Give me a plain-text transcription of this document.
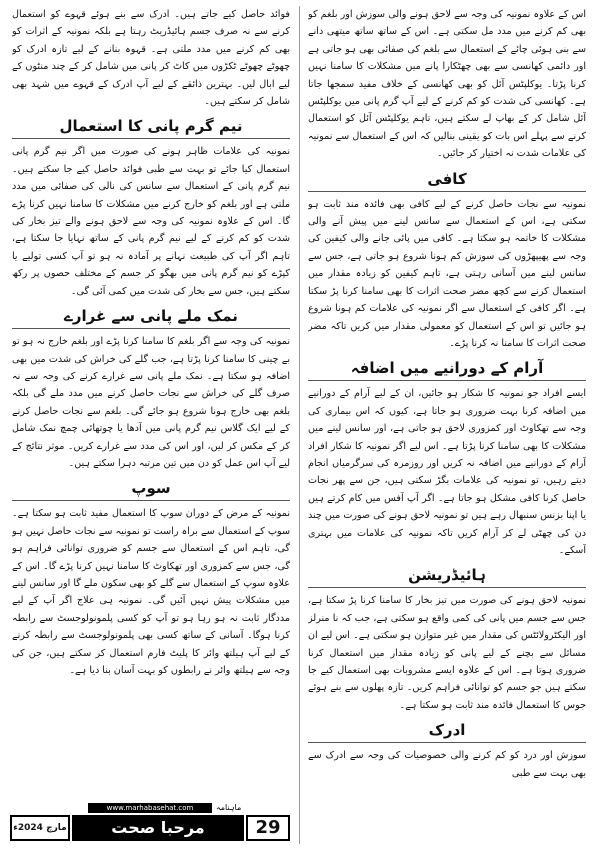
اس کے علاوہ نمونیہ کی وجہ سے لاحق ہونے والی سوزش اور بلغم کو بھی کم کرنے میں مدد مل سکتی ہے۔ اس کے ساتھ ساتھ میتھی دانے سے بنی ہوئی چائے کے استعمال سے بلغم کی صفائی بھی ہو جاتی ہے اور دائمی کھانسی سے بھی چھٹکارا پانے میں مشکلات کا سامنا نہیں کرنا پڑتا۔ یوکلپٹس آئل کو بھی کھانسی کے خلاف مفید سمجھا جاتا ہے۔ کھانسی کی شدت کو کم کرنے کے لیے آپ گرم پانی میں یوکلپٹس آئل شامل کر کے بھاپ لے سکتے ہیں، تاہم یوکلپٹس آئل کو استعمال کرنے سے پہلے اس بات کو یقینی بنالیں کہ اس کے استعمال سے نمونیہ کی علامات شدت نہ اختیار کر جائیں۔

کافی

نمونیہ سے نجات حاصل کرنے کے لیے کافی بھی فائدہ مند ثابت ہو سکتی ہے، اس کے استعمال سے سانس لینے میں پیش آنے والی مشکلات کا خاتمہ ہو سکتا ہے۔ کافی میں پائی جانے والی کیفین کی وجہ سے پھیپھڑوں کی سوزش کم ہونا شروع ہو جاتی ہے، جس سے سانس لینے میں آسانی رہتی ہے، تاہم کیفین کو زیادہ مقدار میں استعمال کرنے سے کچھ مضر صحت اثرات کا بھی سامنا کرنا پڑ سکتا ہے۔ اگر کافی کے استعمال سے اگر نمونیہ کی علامات کم ہونا شروع ہو جائیں تو اس کے استعمال کو معمولی مقدار میں کریں تاکہ مضر صحت اثرات کا سامنا نہ کرنا پڑے۔

آرام کے دورانیے میں اضافہ

ایسے افراد جو نمونیہ کا شکار ہو جائیں، ان کے لیے آرام کے دورانیے میں اضافہ کرنا بہت ضروری ہو جاتا ہے، کیوں کہ اس بیماری کی وجہ سے تھکاوٹ اور کمزوری لاحق ہو جاتی ہے، اور سانس لینے میں مشکلات کا بھی سامنا کرنا پڑتا ہے۔ اس لیے اگر نمونیہ کا شکار افراد آرام کے دورانیے میں اضافہ نہ کریں اور روزمرہ کی سرگرمیاں انجام دیتے رہیں، تو نمونیہ کی علامات بگڑ سکتی ہیں، جن سے پھر نجات حاصل کرنا کافی مشکل ہو جاتا ہے۔ اگر آپ آفس میں کام کرتے ہیں یا اپنا بزنس سنبھال رہے ہیں تو نمونیہ لاحق ہونے کی صورت میں چند دن کی چھٹی لے کر آرام کریں تاکہ نمونیہ کی علامات میں بہتری آسکے۔

ہائیڈریشن

نمونیہ لاحق ہونے کی صورت میں تیز بخار کا سامنا کرنا پڑ سکتا ہے، جس سے جسم میں پانی کی کمی واقع ہو سکتی ہے، جب کہ نا منرلز اور الیکٹرولائٹس کی مقدار میں غیر متوازن ہو سکتی ہے۔ اس لیے ان مسائل سے بچنے کے لیے پانی کو زیادہ مقدار میں استعمال کرنا ضروری ہوتا ہے۔ اس کے علاوہ ایسے مشروبات بھی استعمال کیے جا سکتے ہیں جو جسم کو توانائی فراہم کریں۔ تازہ پھلوں سے بنے ہوئے جوس کا استعمال فائدہ مند ثابت ہو سکتا ہے۔

ادرک

سوزش اور درد کو کم کرنے والی خصوصیات کی وجہ سے ادرک سے بھی بہت سے طبی

فوائد حاصل کیے جاتے ہیں۔ ادرک سے بنے ہوئے قہوے کو استعمال کرنے سے نہ صرف جسم ہائیڈریٹ رہتا ہے بلکہ نمونیہ کے اثرات کو بھی کم کرنے میں مدد ملتی ہے۔ قہوہ بنانے کے لیے تازہ ادرک کو چھوٹے چھوٹے ٹکڑوں میں کاٹ کر پانی میں شامل کر کے چند منٹوں کے لیے ابال لیں۔ بہترین ذائقے کے لیے آپ ادرک کے قہوے میں شہد بھی شامل کر سکتے ہیں۔

نیم گرم پانی کا استعمال

نمونیہ کی علامات ظاہر ہونے کی صورت میں اگر نیم گرم پانی استعمال کیا جائے تو بہت سے طبی فوائد حاصل کیے جا سکتے ہیں۔ نیم گرم پانی کے استعمال سے سانس کی نالی کی صفائی میں مدد ملتی ہے اور بلغم کو خارج کرنے میں مشکلات کا سامنا نہیں کرنا پڑے گا۔ اس کے علاوہ نمونیہ کی وجہ سے لاحق ہونے والے تیز بخار کی شدت کو کم کرنے کے لیے نیم گرم پانی کے ساتھ نہایا جا سکتا ہے، تاہم اگر آپ کی طبیعت نہانے پر آمادہ نہ ہو تو آپ کسی تولیے یا کپڑے کو نیم گرم پانی میں بھگو کر جسم کے مختلف حصوں پر رکھ سکتے ہیں، جس سے بخار کی شدت میں کمی آئی گی۔

نمک ملے پانی سے غرارے

نمونیہ کی وجہ سے اگر بلغم کا سامنا کرنا پڑے اور بلغم خارج نہ ہو تو بے چینی کا سامنا کرنا پڑتا ہے، جب گلے کی خراش کی شدت میں بھی اضافہ ہو سکتا ہے۔ نمک ملے پانی سے غرارے کرنے کی وجہ سے نہ صرف گلے کی خراش سے نجات حاصل کرنے میں مدد ملے گی بلکہ بلغم بھی خارج ہونا شروع ہو جائے گی۔ بلغم سے نجات حاصل کرنے کے لیے ایک گلاس نیم گرم پانی میں آدھا یا چوتھائی چمچ نمک شامل کر کے مکس کر لیں، اور اس کی مدد سے غرارے کریں۔ موثر نتائج کے لیے آپ اس عمل کو دن میں تین مرتبہ دہرا سکتے ہیں۔

سوپ

نمونیہ کے مرض کے دوران سوپ کا استعمال مفید ثابت ہو سکتا ہے۔ سوپ کے استعمال سے براہ راست تو نمونیہ سے نجات حاصل نہیں ہو گی، تاہم اس کے استعمال سے جسم کو ضروری توانائی فراہم ہو گی، جس سے کمزوری اور تھکاوٹ کا سامنا نہیں کرنا پڑے گا۔ اس کے علاوہ سوپ کے استعمال سے گلے کو بھی سکون ملے گا اور سانس لینے میں مشکلات پیش نہیں آئیں گی۔ نمونیہ ہی علاج اگر آپ کے لیے مددگار ثابت نہ ہو رہا ہو تو آپ کو کسی پلمونولوجسٹ سے رابطہ کرنا ہوگا۔ آسانی کے ساتھ کسی بھی پلمونولوجسٹ سے رابطہ کرنے کے لیے آپ ہیلتھ وائر کا پلیٹ فارم استعمال کر سکتے ہیں، جن کی وجہ سے ہیلتھ وائر نے رابطوں کو بہت آسان بنا دیا ہے۔

www.marhabasehat.com	ماہنامہ
مرحبا صحت	29
مارچ 2024ء
